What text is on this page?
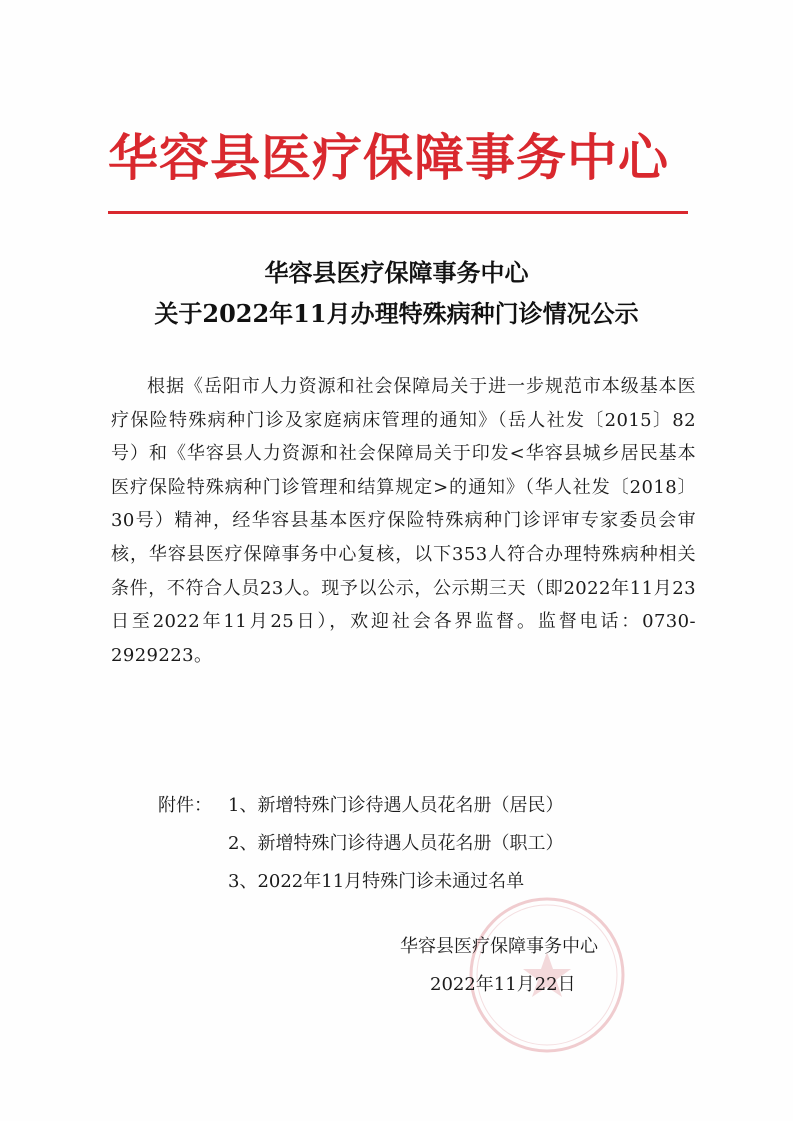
华容县医疗保障事务中心
华容县医疗保障事务中心
关于2022年11月办理特殊病种门诊情况公示
根据《岳阳市人力资源和社会保障局关于进一步规范市本级基本医疗保险特殊病种门诊及家庭病床管理的通知》（岳人社发〔2015〕82号）和《华容县人力资源和社会保障局关于印发<华容县城乡居民基本医疗保险特殊病种门诊管理和结算规定>的通知》（华人社发〔2018〕30号）精神，经华容县基本医疗保险特殊病种门诊评审专家委员会审核，华容县医疗保障事务中心复核，以下353人符合办理特殊病种相关条件，不符合人员23人。现予以公示，公示期三天（即2022年11月23日至2022年11月25日），欢迎社会各界监督。监督电话：0730-2929223。
附件： 1、新增特殊门诊待遇人员花名册（居民）
2、新增特殊门诊待遇人员花名册（职工）
3、2022年11月特殊门诊未通过名单
华容县医疗保障事务中心
2022年11月22日
